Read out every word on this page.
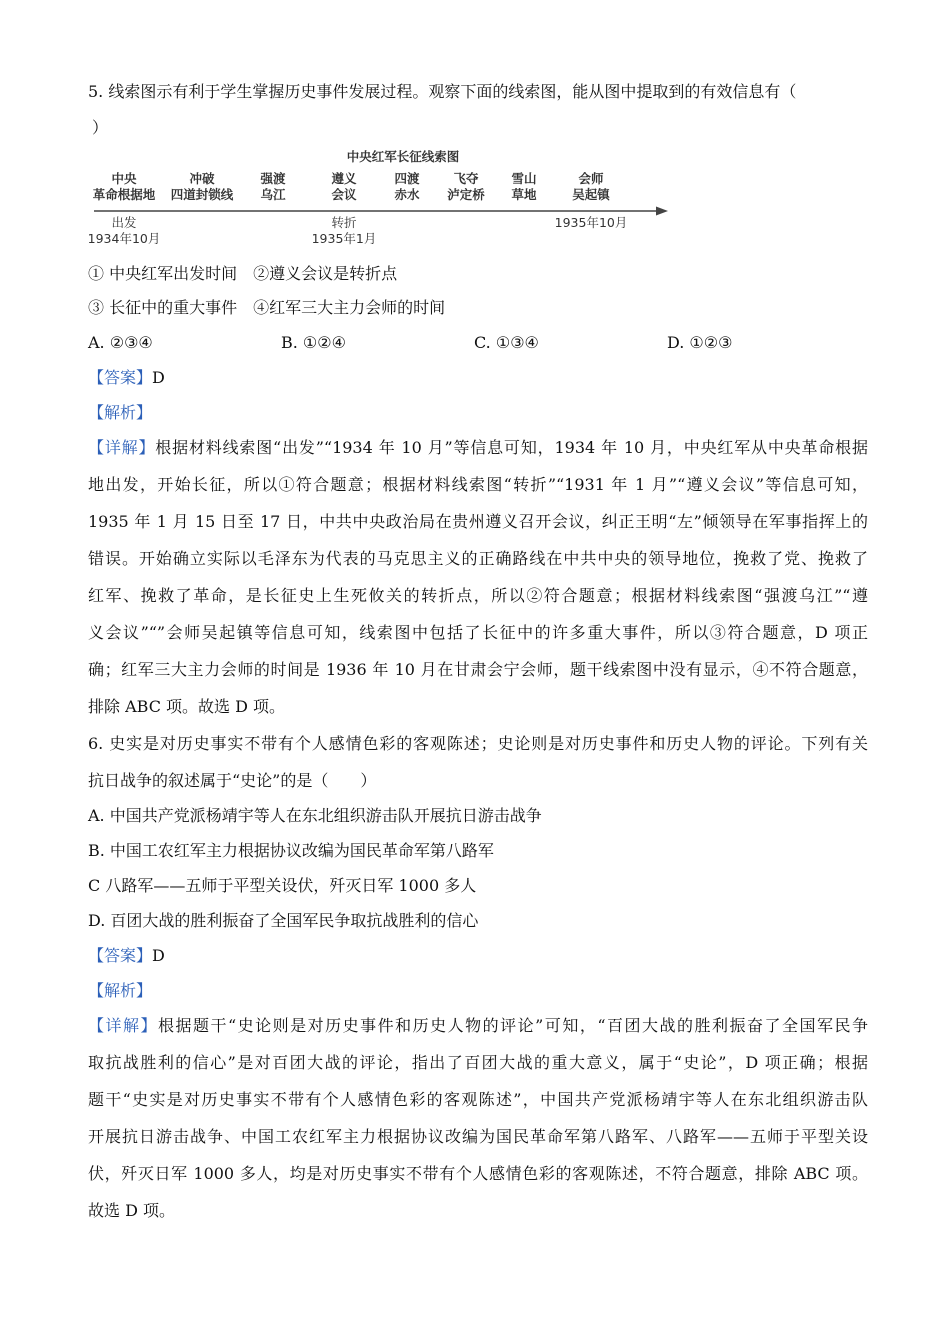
5. 线索图示有利于学生掌握历史事件发展过程。观察下面的线索图，能从图中提取到的有效信息有（
）
中央红军长征线索图
中央
革命根据地
冲破
四道封锁线
强渡
乌江
遵义
会议
四渡
赤水
飞夺
泸定桥
雪山
草地
会师
吴起镇
出发
1934年10月
转折
1935年1月
1935年10月
① 中央红军出发时间　②遵义会议是转折点
③ 长征中的重大事件　④红军三大主力会师的时间
A. ②③④	B. ①②④	C. ①③④	D. ①②③
【答案】D
【解析】
【详解】根据材料线索图“出发”“1934 年 10 月”等信息可知，1934 年 10 月，中央红军从中央革命根据
地出发，开始长征，所以①符合题意；根据材料线索图“转折”“1931 年 1 月”“遵义会议”等信息可知，
1935 年 1 月 15 日至 17 日，中共中央政治局在贵州遵义召开会议，纠正王明“左”倾领导在军事指挥上的
错误。开始确立实际以毛泽东为代表的马克思主义的正确路线在中共中央的领导地位，挽救了党、挽救了
红军、挽救了革命，是长征史上生死攸关的转折点，所以②符合题意；根据材料线索图“强渡乌江”“遵
义会议”“”会师吴起镇等信息可知，线索图中包括了长征中的许多重大事件，所以③符合题意，D 项正
确；红军三大主力会师的时间是 1936 年 10 月在甘肃会宁会师，题干线索图中没有显示，④不符合题意，
排除 ABC 项。故选 D 项。
6. 史实是对历史事实不带有个人感情色彩的客观陈述；史论则是对历史事件和历史人物的评论。下列有关
抗日战争的叙述属于“史论”的是（　　）
A. 中国共产党派杨靖宇等人在东北组织游击队开展抗日游击战争
B. 中国工农红军主力根据协议改编为国民革命军第八路军
C 八路军——五师于平型关设伏，歼灭日军 1000 多人
D. 百团大战的胜利振奋了全国军民争取抗战胜利的信心
【答案】D
【解析】
【详解】根据题干“史论则是对历史事件和历史人物的评论”可知，“百团大战的胜利振奋了全国军民争
取抗战胜利的信心”是对百团大战的评论，指出了百团大战的重大意义，属于“史论”，D 项正确；根据
题干“史实是对历史事实不带有个人感情色彩的客观陈述”，中国共产党派杨靖宇等人在东北组织游击队
开展抗日游击战争、中国工农红军主力根据协议改编为国民革命军第八路军、八路军——五师于平型关设
伏，歼灭日军 1000 多人，均是对历史事实不带有个人感情色彩的客观陈述，不符合题意，排除 ABC 项。
故选 D 项。
